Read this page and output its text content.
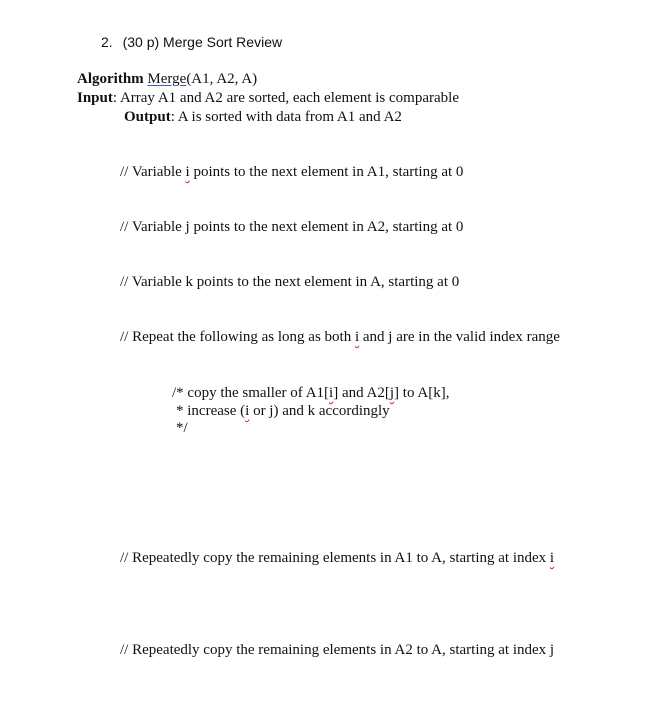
2. (30 p) Merge Sort Review
Algorithm Merge(A1, A2, A)
Input: Array A1 and A2 are sorted, each element is comparable
Output: A is sorted with data from A1 and A2
// Variable i points to the next element in A1, starting at 0
// Variable j points to the next element in A2, starting at 0
// Variable k points to the next element in A, starting at 0
// Repeat the following as long as both i and j are in the valid index range
/* copy the smaller of A1[i] and A2[j] to A[k],
* increase (i or j) and k accordingly
*/
// Repeatedly copy the remaining elements in A1 to A, starting at index i
// Repeatedly copy the remaining elements in A2 to A, starting at index j
